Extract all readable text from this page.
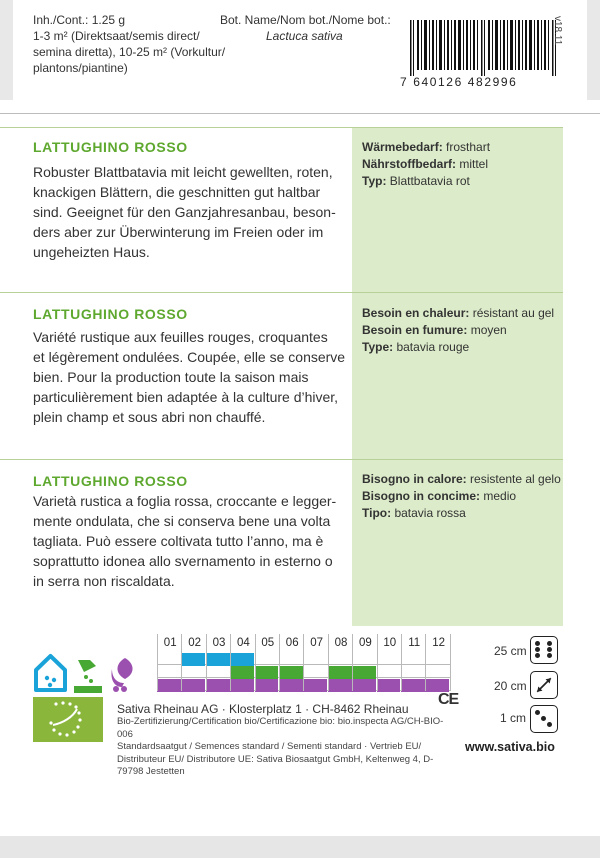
Inh./Cont.: 1.25 g
1-3 m² (Direktsaat/semis direct/
semina diretta), 10-25 m² (Vorkultur/
plantons/piantine)
Bot. Name/Nom bot./Nome bot.:
Lactuca sativa
7 640126 482996
v18.11
LATTUGHINO ROSSO
Robuster Blattbatavia mit leicht gewellten, roten,
knackigen Blättern, die geschnitten gut haltbar
sind. Geeignet für den Ganzjahresanbau, beson-
ders aber zur Überwinterung im Freien oder im
ungeheizten Haus.
Wärmebedarf: frosthart
Nährstoffbedarf: mittel
Typ: Blattbatavia rot
LATTUGHINO ROSSO
Variété rustique aux feuilles rouges, croquantes
et légèrement ondulées. Coupée, elle se conserve
bien. Pour la production toute la saison mais
particulièrement bien adaptée à la culture d’hiver,
plein champ et sous abri non chauffé.
Besoin en chaleur: résistant au gel
Besoin en fumure: moyen
Type: batavia rouge
LATTUGHINO ROSSO
Varietà rustica a foglia rossa, croccante e legger-
mente ondulata, che si conserva bene una volta
tagliata. Può essere coltivata tutto l’anno, ma è
soprattutto idonea allo svernamento in esterno o
in serra non riscaldata.
Bisogno in calore: resistente al gelo
Bisogno in concime: medio
Tipo: batavia rossa
01	02	03	04	05	06	07	08	09	10	11	12
25 cm
20 cm
1 cm
Sativa Rheinau AG · Klosterplatz 1 · CH-8462 Rheinau
CE
Bio-Zertifizierung/Certification bio/Certificazione bio: bio.inspecta AG/CH-BIO-006
Standardsaatgut / Semences standard / Sementi standard · Vertrieb EU/
Distributeur EU/ Distributore UE: Sativa Biosaatgut GmbH, Keltenweg 4, D-79798 Jestetten
www.sativa.bio
